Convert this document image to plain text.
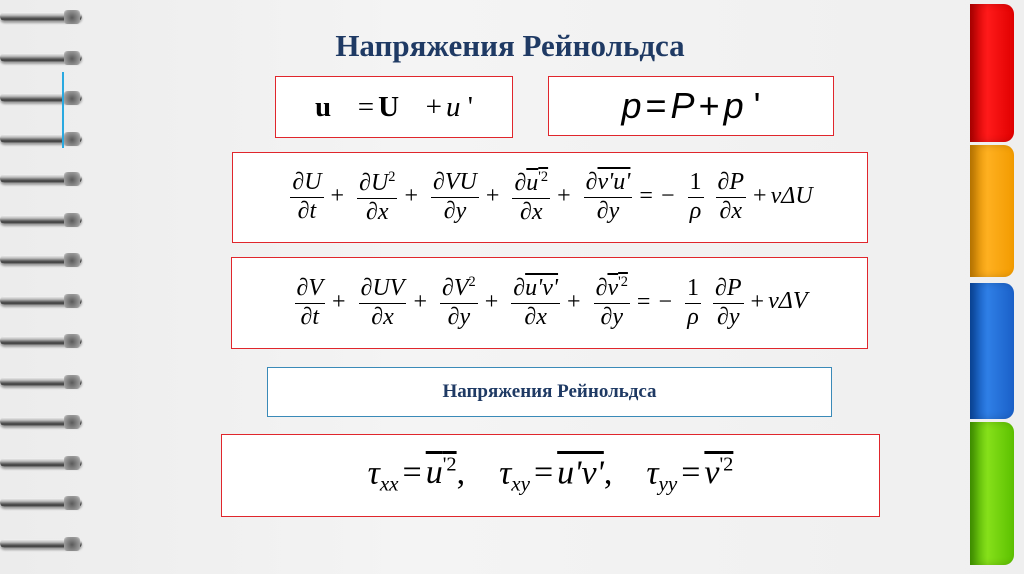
Напряжения Рейнольдса
u⃗ = U⃗ + u '	p = P + p '
$\frac{\partial U}{\partial t} + \frac{\partial U^2}{\partial x} + \frac{\partial VU}{\partial y} + \frac{\partial u^{'2}}{\partial x} + \frac{\partial v'u'}{\partial y}$ = − $\frac{1}{\rho}$
$\frac{\partial P}{\partial x} + \nu\Delta U$
$\frac{\partial V}{\partial t} + \frac{\partial UV}{\partial x} + \frac{\partial V^2}{\partial y} + \frac{\partial u'v'}{\partial x} + \frac{\partial v^{'2}}{\partial y}$ = − $\frac{1}{\rho}$
$\frac{\partial P}{\partial y} + \nu\Delta V$
Напряжения Рейнольдса
$\tau_{xx} = u^{'2}$,    $\tau_{xy} = u'v'$,    $\tau_{yy} = v^{'2}$
